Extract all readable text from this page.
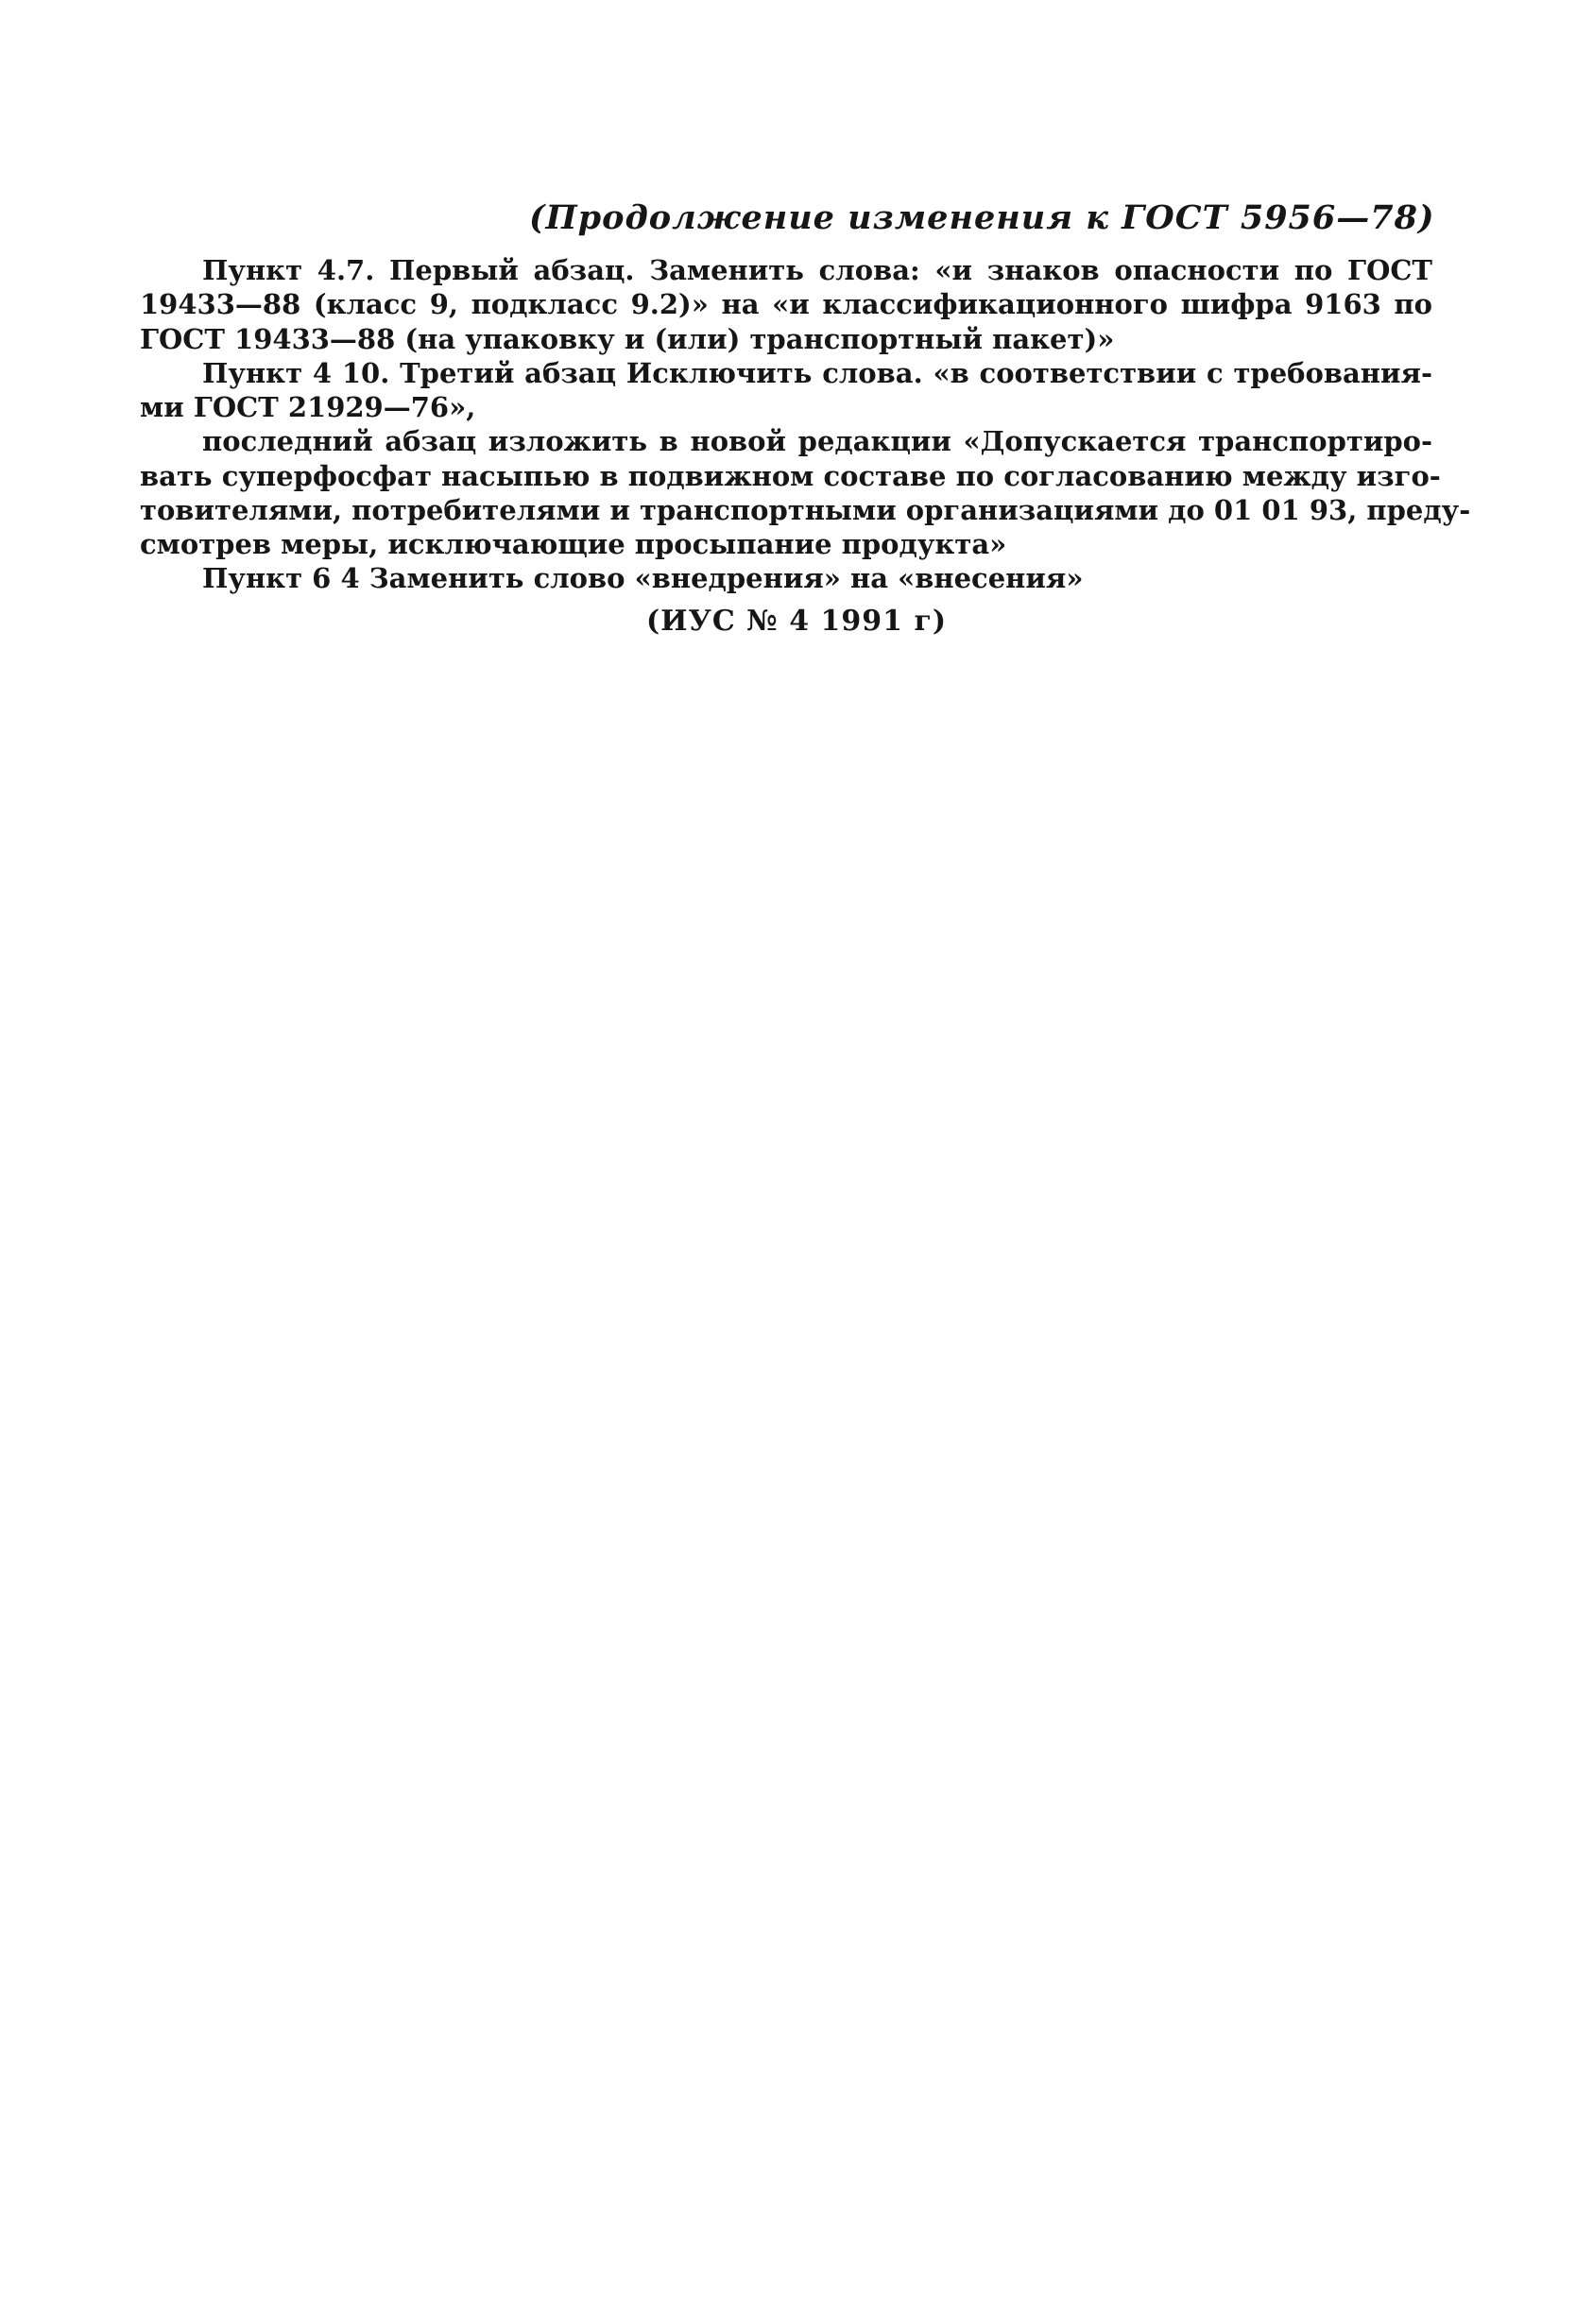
(Продолжение изменения к ГОСТ 5956—78)
Пункт 4.7. Первый абзац. Заменить слова: «и знаков опасности по ГОСТ
19433—88 (класс 9, подкласс 9.2)» на «и классификационного шифра 9163 по
ГОСТ 19433—88 (на упаковку и (или) транспортный пакет)»
Пункт 4 10. Третий абзац Исключить слова. «в соответствии с требования-
ми ГОСТ 21929—76»,
последний абзац изложить в новой редакции «Допускается транспортиро-
вать суперфосфат насыпью в подвижном составе по согласованию между изго-
товителями, потребителями и транспортными организациями до 01 01 93, преду-
смотрев меры, исключающие просыпание продукта»
Пункт 6 4 Заменить слово «внедрения» на «внесения»
(ИУС № 4 1991 г)
